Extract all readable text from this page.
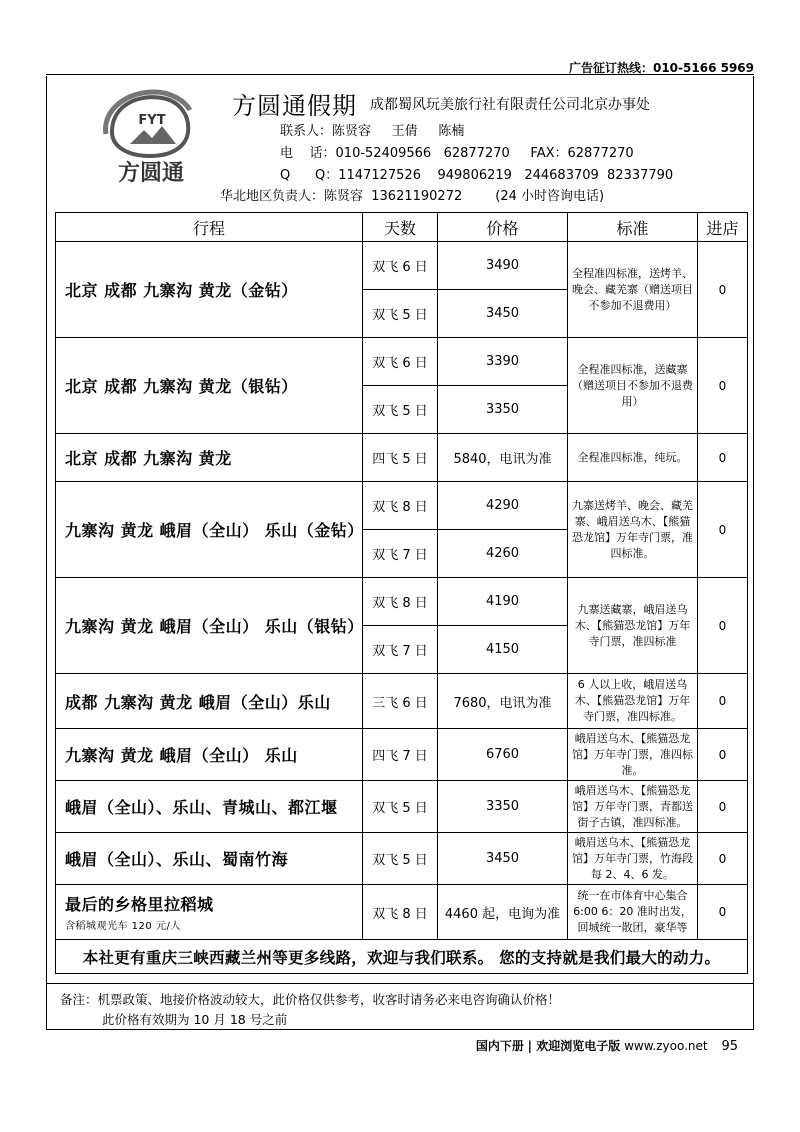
广告征订热线：010-5166 5969
FYT
方圆通
方圆通假期 成都蜀风玩美旅行社有限责任公司北京办事处
联系人：陈贤容     王倩     陈楠
电    话：010-52409566   62877270     FAX：62877270
Q      Q：1147127526    949806219   244683709  82337790
华北地区负责人：陈贤容  13621190272        (24 小时咨询电话)
行程	天数	价格	标准	进店
北京 成都 九寨沟 黄龙（金钻）	双飞 6 日	3490	全程准四标准，送烤羊、晚会、藏羌寨（赠送项目不参加不退费用）	0
	双飞 5 日	3450		
北京 成都 九寨沟 黄龙（银钻）	双飞 6 日	3390	全程准四标准，送藏寨（赠送项目不参加不退费用）	0
	双飞 5 日	3350		
北京 成都 九寨沟 黄龙	四飞 5 日	5840，电讯为准	全程准四标准，纯玩。	0
九寨沟 黄龙 峨眉（全山） 乐山（金钻）	双飞 8 日	4290	九寨送烤羊、晚会、藏羌寨、峨眉送乌木、【熊猫恐龙馆】万年寺门票，准四标准。	0
	双飞 7 日	4260		
九寨沟 黄龙 峨眉（全山） 乐山（银钻）	双飞 8 日	4190	九寨送藏寨，峨眉送乌木、【熊猫恐龙馆】万年寺门票，准四标准	0
	双飞 7 日	4150		
成都 九寨沟 黄龙 峨眉（全山）乐山	三飞 6 日	7680，电讯为准	6 人以上收，峨眉送乌木、【熊猫恐龙馆】万年寺门票，准四标准。	0
九寨沟 黄龙 峨眉（全山） 乐山	四飞 7 日	6760	峨眉送乌木、【熊猫恐龙馆】万年寺门票，准四标准。	0
峨眉（全山）、乐山、青城山、都江堰	双飞 5 日	3350	峨眉送乌木、【熊猫恐龙馆】万年寺门票，青都送街子古镇，准四标准。	0
峨眉（全山）、乐山、蜀南竹海	双飞 5 日	3450	峨眉送乌木、【熊猫恐龙馆】万年寺门票，竹海段每 2、4、6 发。	0
最后的乡格里拉稻城
含稻城观光车 120 元/人	双飞 8 日	4460 起，电询为准	统一在市体育中心集合 6:00 6：20 准时出发，回城统一散团，豪华等	0
本社更有重庆三峡西藏兰州等更多线路，欢迎与我们联系。 您的支持就是我们最大的动力。				
备注：机票政策、地接价格波动较大，此价格仅供参考，收客时请务必来电咨询确认价格！
此价格有效期为 10 月 18 号之前
国内下册 | 欢迎浏览电子版 www.zyoo.net 95
